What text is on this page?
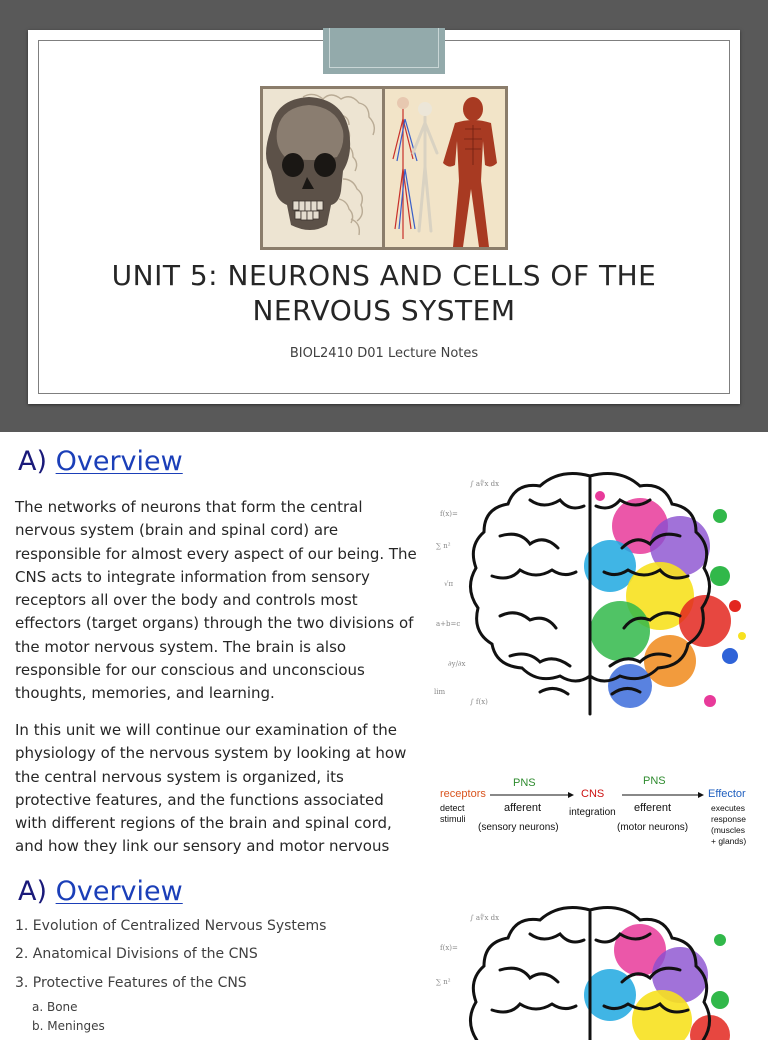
UNIT 5: NEURONS AND CELLS OF THE
NERVOUS SYSTEM
BIOL2410 D01 Lecture Notes
A) Overview

The networks of neurons that form the central nervous system (brain and spinal cord) are responsible for almost every aspect of our being. The CNS acts to integrate information from sensory receptors all over the body and controls most effectors (target organs) through the two divisions of the motor nervous system. The brain is also responsible for our conscious and unconscious thoughts, memories, and learning.

In this unit we will continue our examination of the physiology of the nervous system by looking at how the central nervous system is organized, its protective features, and the functions associated with different regions of the brain and spinal cord, and how they link our sensory and motor nervous

∫ a∜x dx
f(x)=
∑ n²
√π
a+b=c
∂y/∂x
∫ f(x)
lim
receptors
detect
stimuli
PNS
afferent
(sensory neurons)
CNS
integration
PNS
efferent
(motor neurons)
Effector
executes
response
(muscles
+ glands)
A) Overview

1. Evolution of Centralized Nervous Systems

2. Anatomical Divisions of the CNS

3. Protective Features of the CNS

a. Bone

b. Meninges

∫ a∜x dx
f(x)=
∑ n²
